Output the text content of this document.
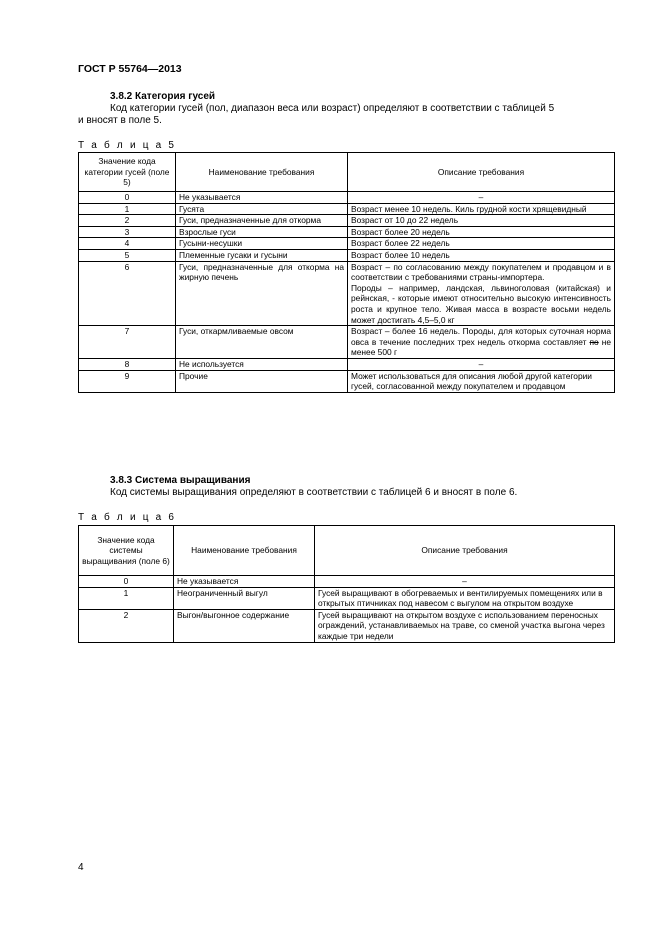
ГОСТ Р 55764—2013
3.8.2 Категория гусей
Код категории гусей (пол, диапазон веса или возраст) определяют в соответствии с таблицей 5
и вносят в поле 5.
Т а б л и ц а 5
Значение кода категории гусей (поле 5)	Наименование требования	Описание требования
0	Не указывается	–
1	Гусята	Возраст менее 10 недель. Киль грудной кости хрящевидный
2	Гуси, предназначенные для откорма	Возраст от 10 до 22 недель
3	Взрослые гуси	Возраст более 20 недель
4	Гусыни-несушки	Возраст более 22 недель
5	Племенные гусаки и гусыни	Возраст более 10 недель
6	Гуси, предназначенные для откорма на жирную печень	Возраст – по согласованию между покупателем и продавцом и в соответствии с требованиями страны-импортера.
Породы – например, ландская, львиноголовая (китайская) и рейнская, - которые имеют относительно высокую интенсивность роста и крупное тело. Живая масса в возрасте восьми недель может достигать 4,5–5,0 кг

7	Гуси, откармливаемые овсом	Возраст – более 16 недель. Породы, для которых суточная норма овса в течение последних трех недель откорма составляет по не менее 500 г
8	Не используется	–
9	Прочие	Может использоваться для описания любой другой категории гусей, согласованной между покупателем и продавцом
3.8.3 Система выращивания
Код системы выращивания определяют в соответствии с таблицей 6 и вносят в поле 6.
Т а б л и ц а 6
Значение кода системы выращивания (поле 6)	Наименование требования	Описание требования
0	Не указывается	–
1	Неограниченный выгул	Гусей выращивают в обогреваемых и вентилируемых помещениях или в открытых птичниках под навесом с выгулом на открытом воздухе
2	Выгон/выгонное содержание	Гусей выращивают на открытом воздухе с использованием переносных ограждений, устанавливаемых на траве, со сменой участка выгона через каждые три недели
4
